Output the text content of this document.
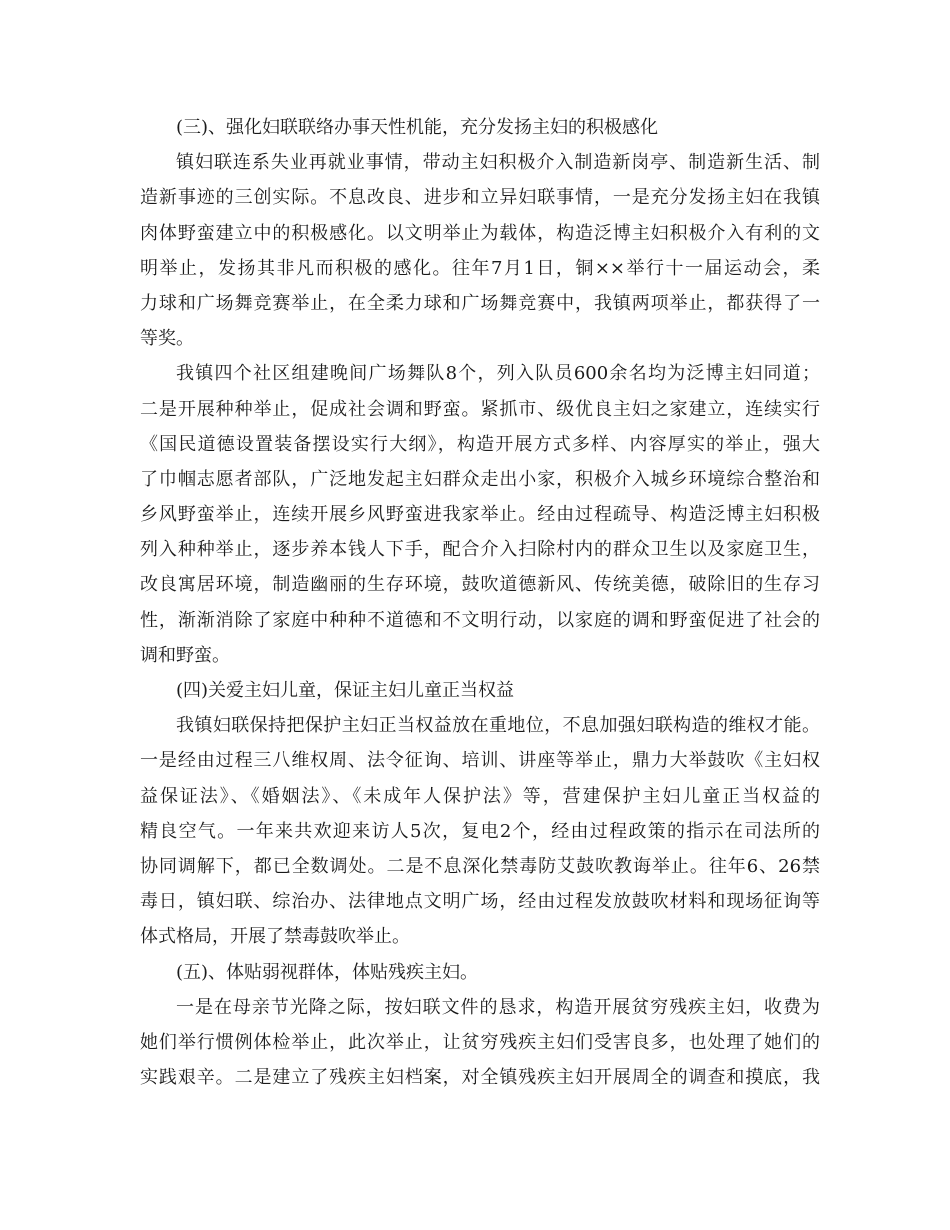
(三)、强化妇联联络办事天性机能，充分发扬主妇的积极感化
镇妇联连系失业再就业事情，带动主妇积极介入制造新岗亭、制造新生活、制
造新事迹的三创实际。不息改良、进步和立异妇联事情，一是充分发扬主妇在我镇
肉体野蛮建立中的积极感化。以文明举止为载体，构造泛博主妇积极介入有利的文
明举止，发扬其非凡而积极的感化。往年7月1日，铜××举行十一届运动会，柔
力球和广场舞竞赛举止，在全柔力球和广场舞竞赛中，我镇两项举止，都获得了一
等奖。
我镇四个社区组建晚间广场舞队8个，列入队员600余名均为泛博主妇同道；
二是开展种种举止，促成社会调和野蛮。紧抓市、级优良主妇之家建立，连续实行
《国民道德设置装备摆设实行大纲》，构造开展方式多样、内容厚实的举止，强大
了巾帼志愿者部队，广泛地发起主妇群众走出小家，积极介入城乡环境综合整治和
乡风野蛮举止，连续开展乡风野蛮进我家举止。经由过程疏导、构造泛博主妇积极
列入种种举止，逐步养本钱人下手，配合介入扫除村内的群众卫生以及家庭卫生，
改良寓居环境，制造幽丽的生存环境，鼓吹道德新风、传统美德，破除旧的生存习
性，渐渐消除了家庭中种种不道德和不文明行动，以家庭的调和野蛮促进了社会的
调和野蛮。
(四)关爱主妇儿童，保证主妇儿童正当权益
我镇妇联保持把保护主妇正当权益放在重地位，不息加强妇联构造的维权才能。
一是经由过程三八维权周、法令征询、培训、讲座等举止，鼎力大举鼓吹《主妇权
益保证法》、《婚姻法》、《未成年人保护法》等，营建保护主妇儿童正当权益的
精良空气。一年来共欢迎来访人5次，复电2个，经由过程政策的指示在司法所的
协同调解下，都已全数调处。二是不息深化禁毒防艾鼓吹教诲举止。往年6、26禁
毒日，镇妇联、综治办、法律地点文明广场，经由过程发放鼓吹材料和现场征询等
体式格局，开展了禁毒鼓吹举止。
(五)、体贴弱视群体，体贴残疾主妇。
一是在母亲节光降之际，按妇联文件的恳求，构造开展贫穷残疾主妇，收费为
她们举行惯例体检举止，此次举止，让贫穷残疾主妇们受害良多，也处理了她们的
实践艰辛。二是建立了残疾主妇档案，对全镇残疾主妇开展周全的调查和摸底，我
